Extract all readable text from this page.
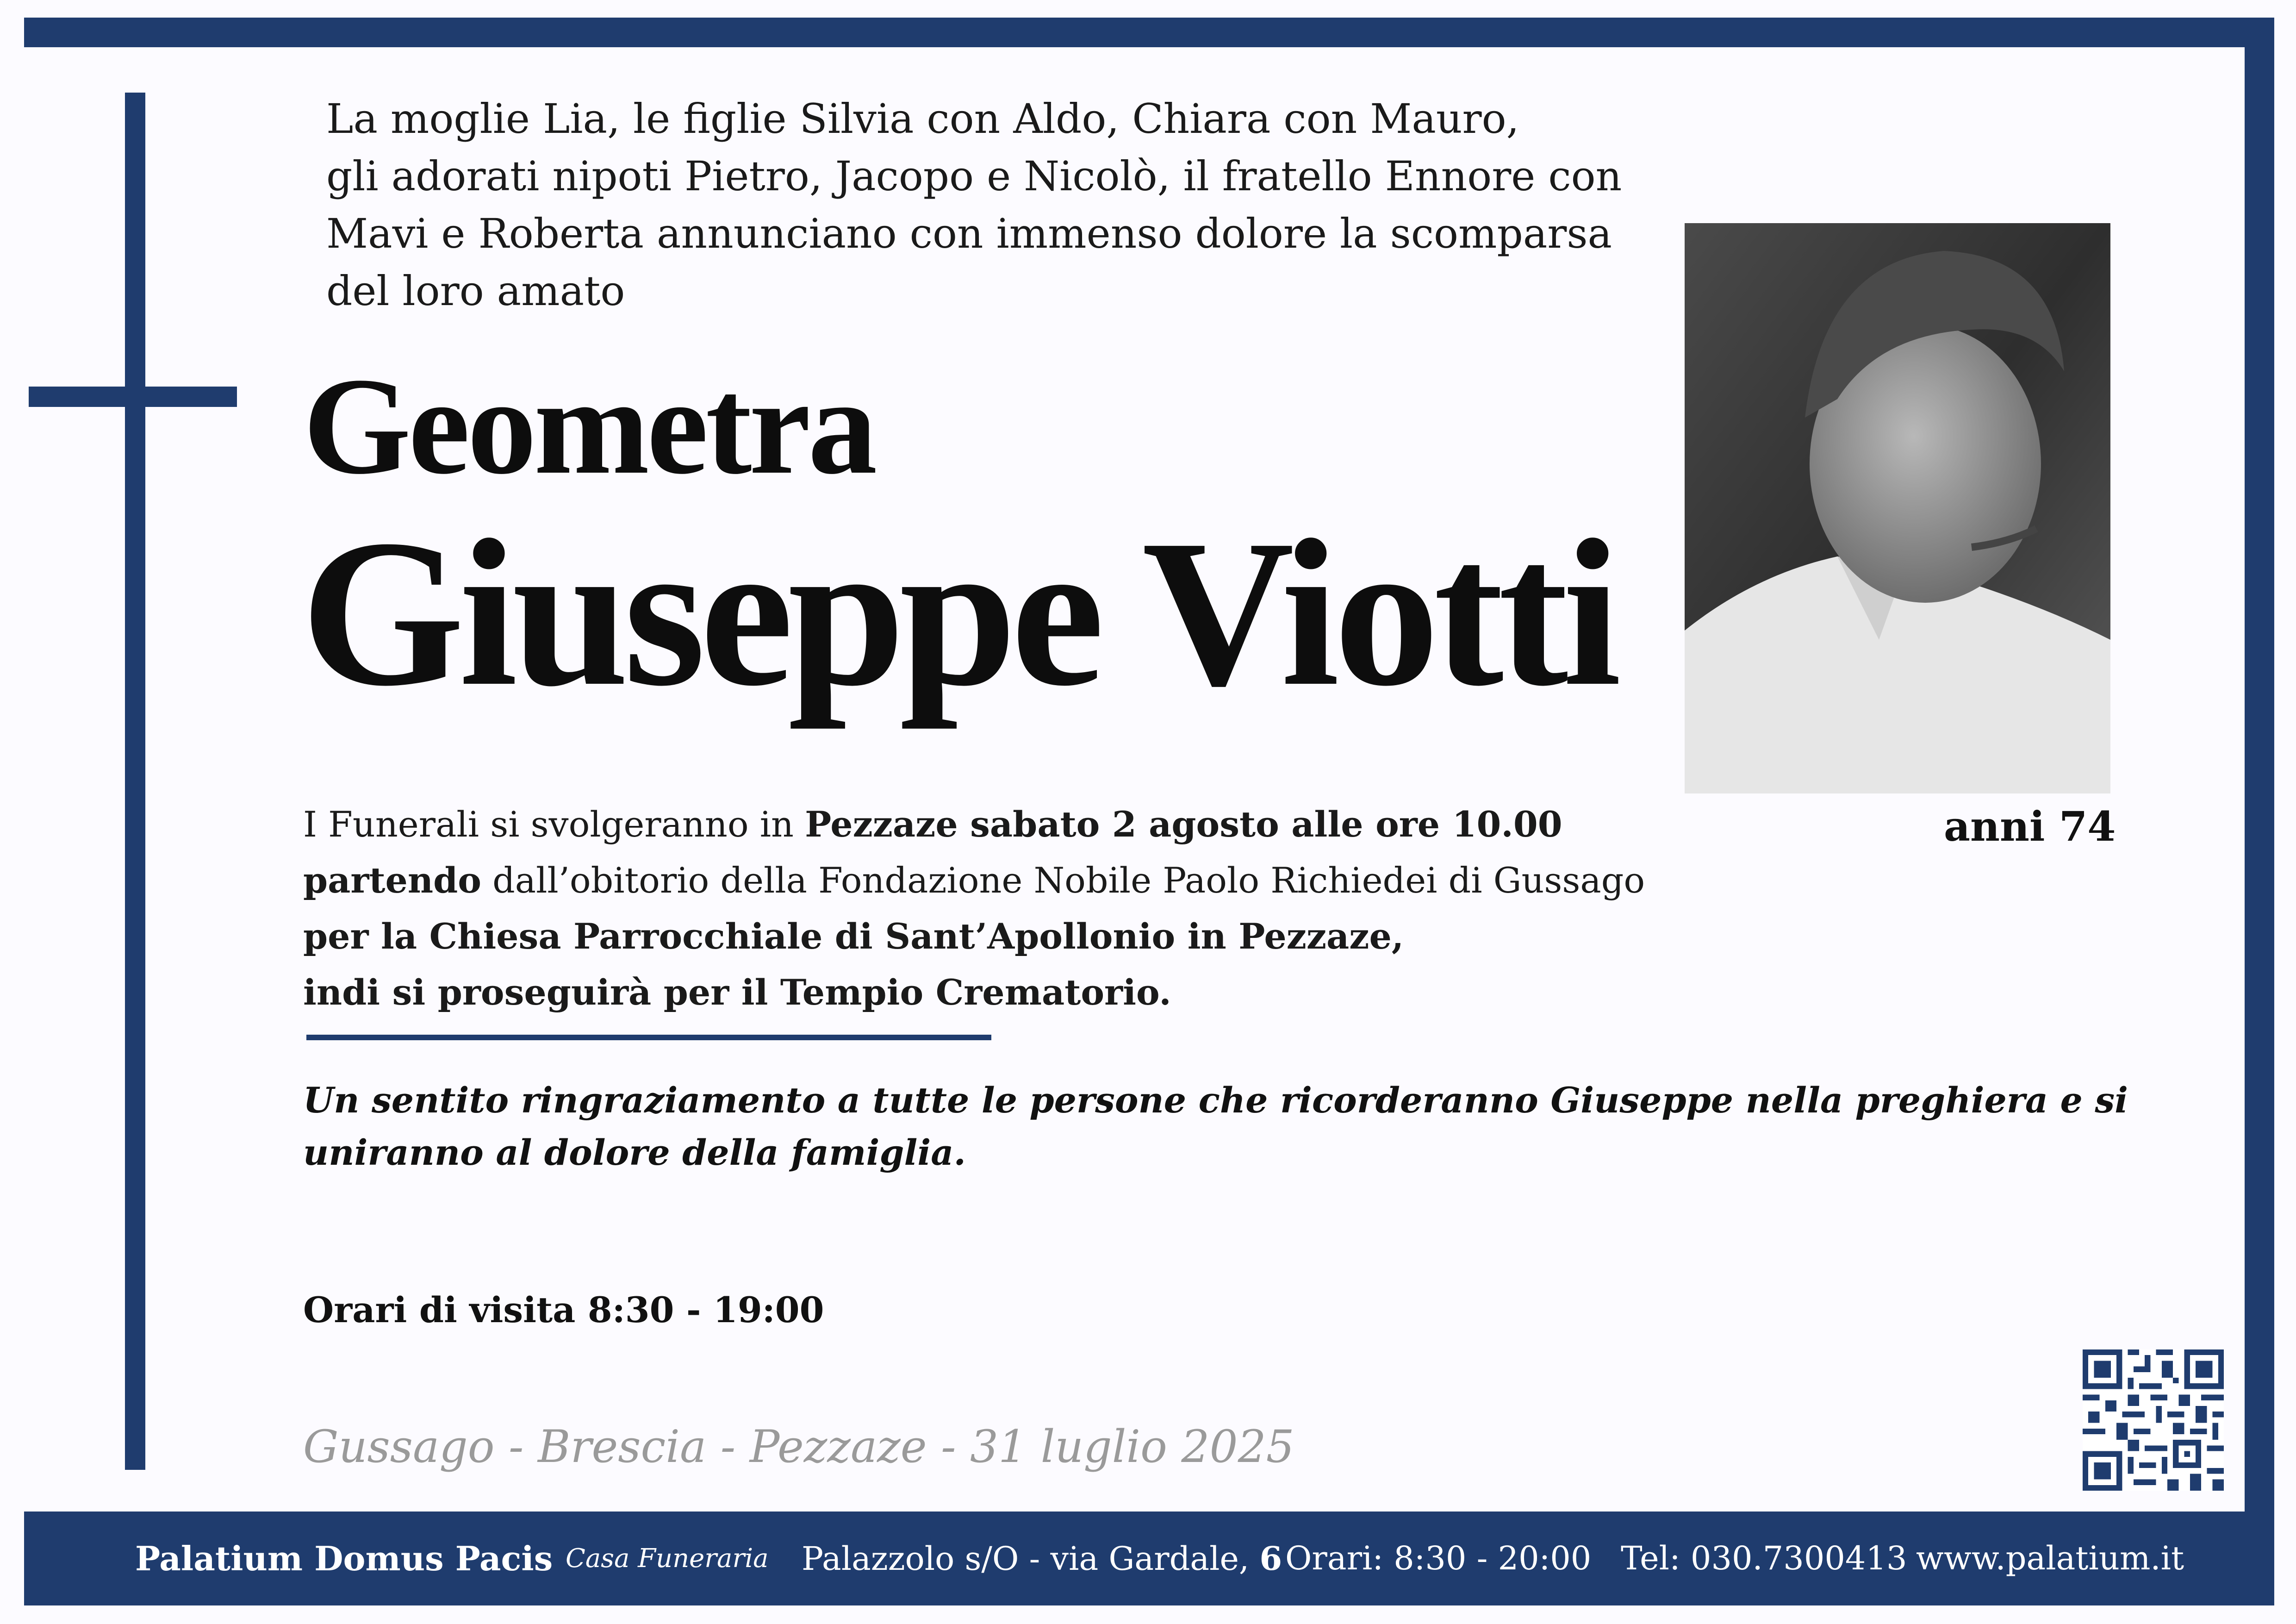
La moglie Lia, le figlie Silvia con Aldo, Chiara con Mauro,
gli adorati nipoti Pietro, Jacopo e Nicolò, il fratello Ennore con
Mavi e Roberta annunciano con immenso dolore la scomparsa
del loro amato
Geometra
Giuseppe Viotti
anni 74
I Funerali si svolgeranno in Pezzaze sabato 2 agosto alle ore 10.00
partendo dall’obitorio della Fondazione Nobile Paolo Richiedei di Gussago
per la Chiesa Parrocchiale di Sant’Apollonio in Pezzaze,
indi si proseguirà per il Tempio Crematorio.
Un sentito ringraziamento a tutte le persone che ricorderanno Giuseppe nella preghiera e si uniranno al dolore della famiglia.
Orari di visita 8:30 - 19:00
Gussago - Brescia - Pezzaze - 31 luglio 2025
Palatium Domus Pacis Casa Funeraria Palazzolo s/O - via Gardale, 6 Orari: 8:30 - 20:00 Tel: 030.7300413 www.palatium.it
